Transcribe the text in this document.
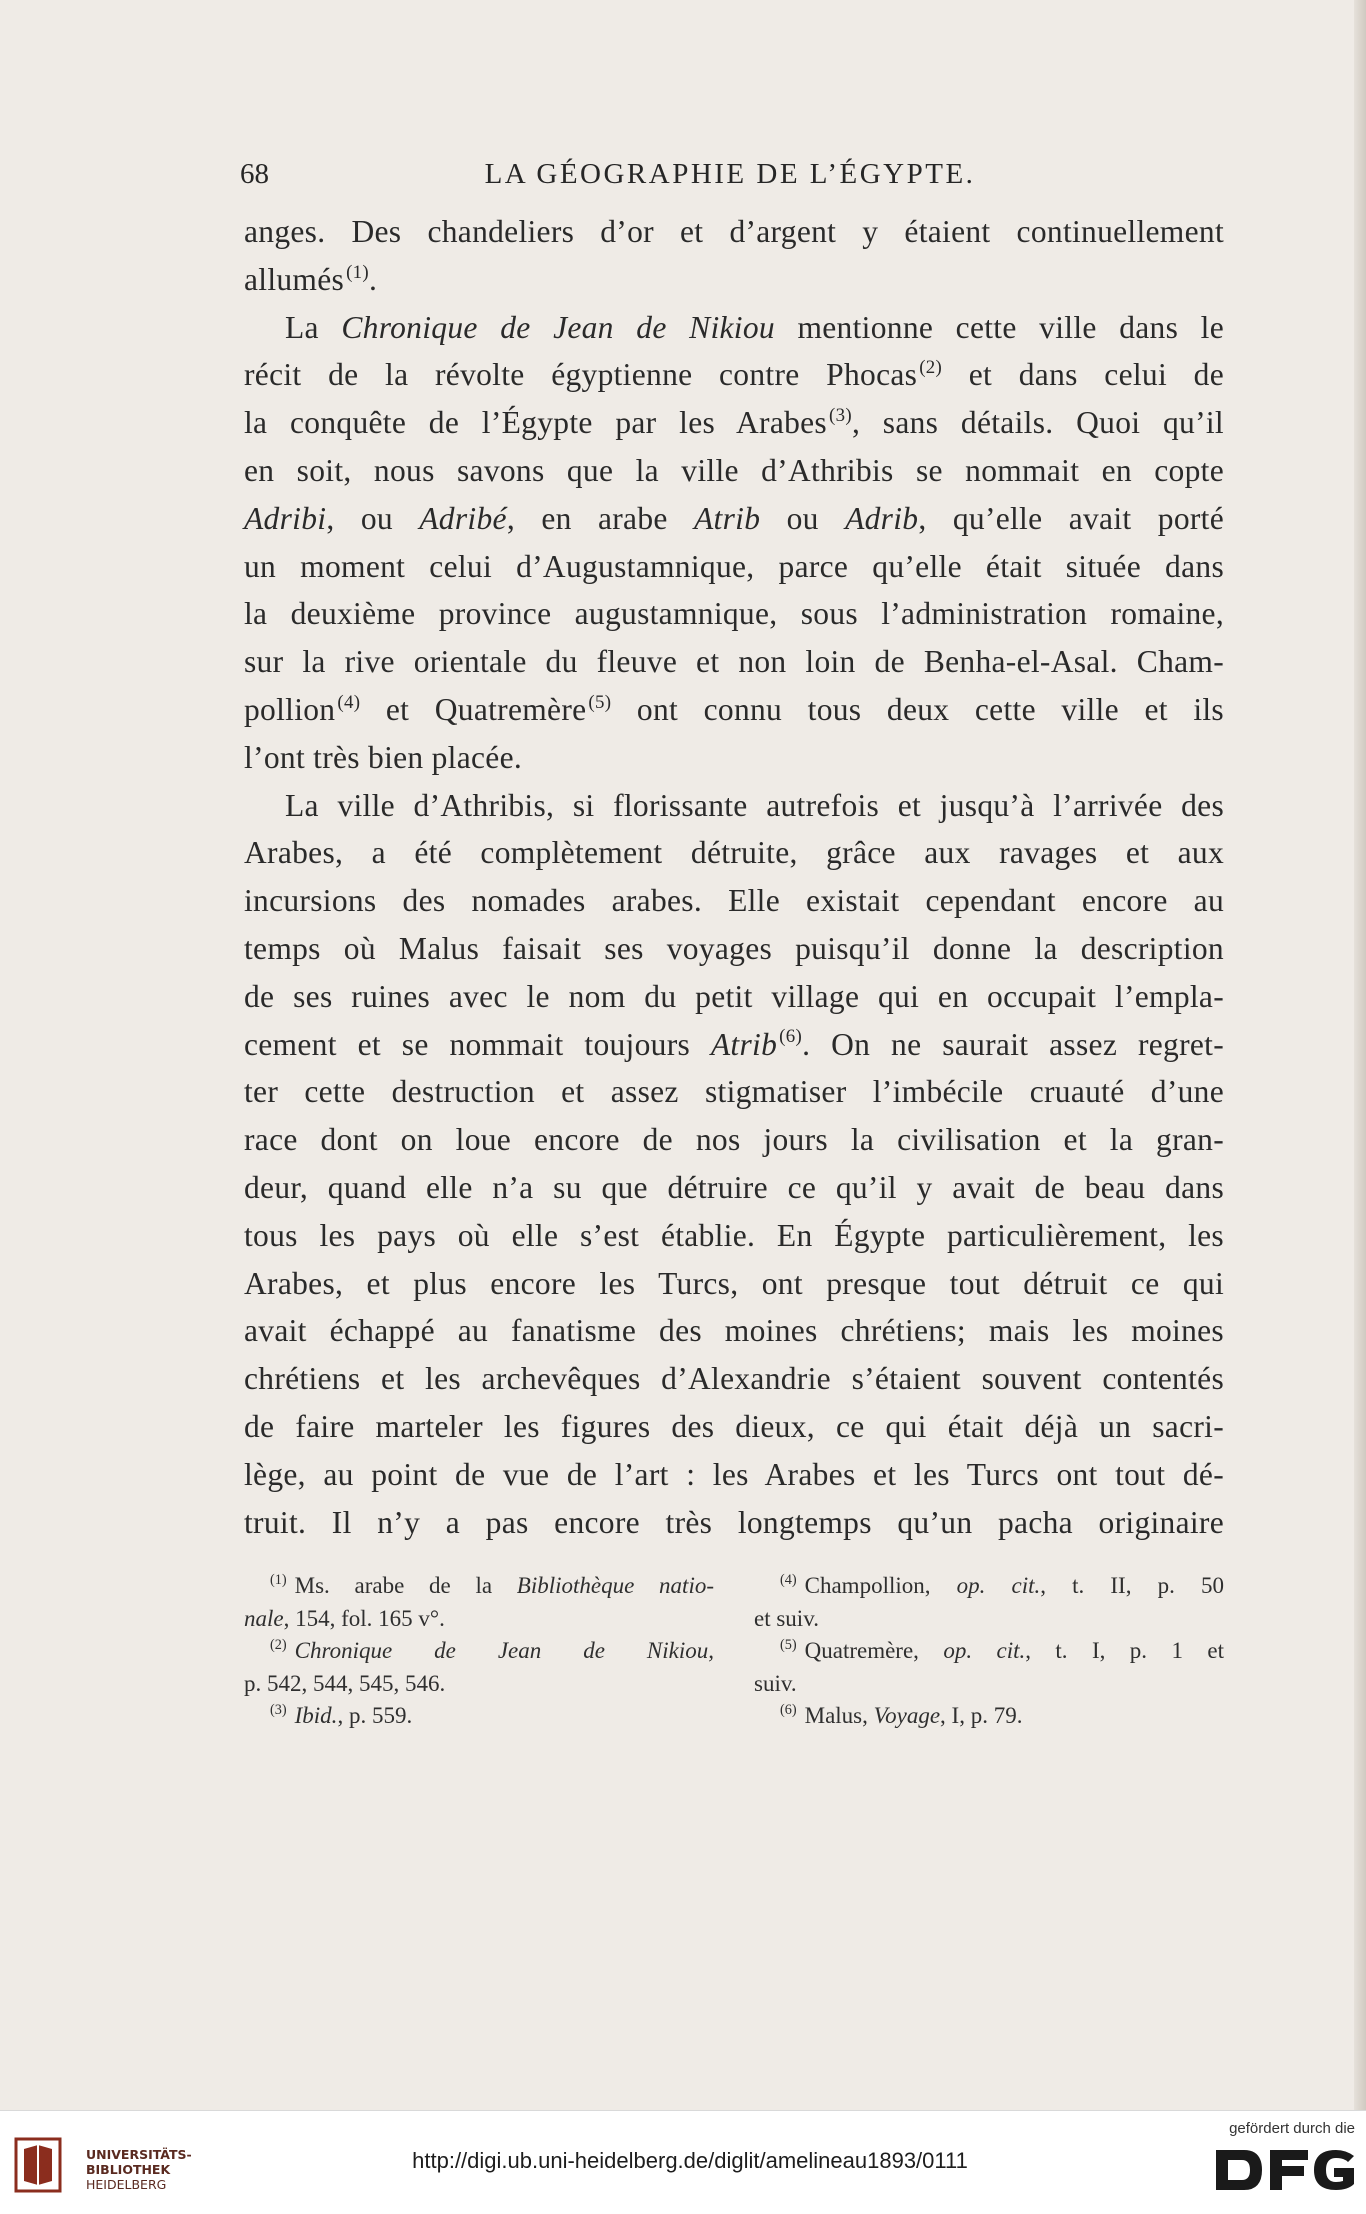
68	LA GÉOGRAPHIE DE L’ÉGYPTE.

anges. Des chandeliers d’or et d’argent y étaient continuellement
allumés $^{(1)}$.

La Chronique de Jean de Nikiou mentionne cette ville dans le
récit de la révolte égyptienne contre Phocas $^{(2)}$ et dans celui de
la conquête de l’Égypte par les Arabes $^{(3)}$, sans détails. Quoi qu’il
en soit, nous savons que la ville d’Athribis se nommait en copte
Adribi, ou Adribé, en arabe Atrib ou Adrib, qu’elle avait porté
un moment celui d’Augustamnique, parce qu’elle était située dans
la deuxième province augustamnique, sous l’administration romaine,
sur la rive orientale du fleuve et non loin de Benha-el-Asal. Cham-
pollion $^{(4)}$ et Quatremère $^{(5)}$ ont connu tous deux cette ville et ils
l’ont très bien placée.

La ville d’Athribis, si florissante autrefois et jusqu’à l’arrivée des
Arabes, a été complètement détruite, grâce aux ravages et aux
incursions des nomades arabes. Elle existait cependant encore au
temps où Malus faisait ses voyages puisqu’il donne la description
de ses ruines avec le nom du petit village qui en occupait l’empla-
cement et se nommait toujours Atrib $^{(6)}$. On ne saurait assez regret-
ter cette destruction et assez stigmatiser l’imbécile cruauté d’une
race dont on loue encore de nos jours la civilisation et la gran-
deur, quand elle n’a su que détruire ce qu’il y avait de beau dans
tous les pays où elle s’est établie. En Égypte particulièrement, les
Arabes, et plus encore les Turcs, ont presque tout détruit ce qui
avait échappé au fanatisme des moines chrétiens; mais les moines
chrétiens et les archevêques d’Alexandrie s’étaient souvent contentés
de faire marteler les figures des dieux, ce qui était déjà un sacri-
lège, au point de vue de l’art : les Arabes et les Turcs ont tout dé-
truit. Il n’y a pas encore très longtemps qu’un pacha originaire

$^{(1)}$ Ms. arabe de la Bibliothèque natio-
nale, 154, fol. 165 v°.
$^{(2)}$ Chronique de Jean de Nikiou,
p. 542, 544, 545, 546.
$^{(3)}$ Ibid., p. 559.
$^{(4)}$ Champollion, op. cit., t. II, p. 50
et suiv.
$^{(5)}$ Quatremère, op. cit., t. I, p. 1 et
suiv.
$^{(6)}$ Malus, Voyage, I, p. 79.
UNIVERSITÄTS-
BIBLIOTHEK
HEIDELBERG
http://digi.ub.uni-heidelberg.de/diglit/amelineau1893/0111
gefördert durch die
